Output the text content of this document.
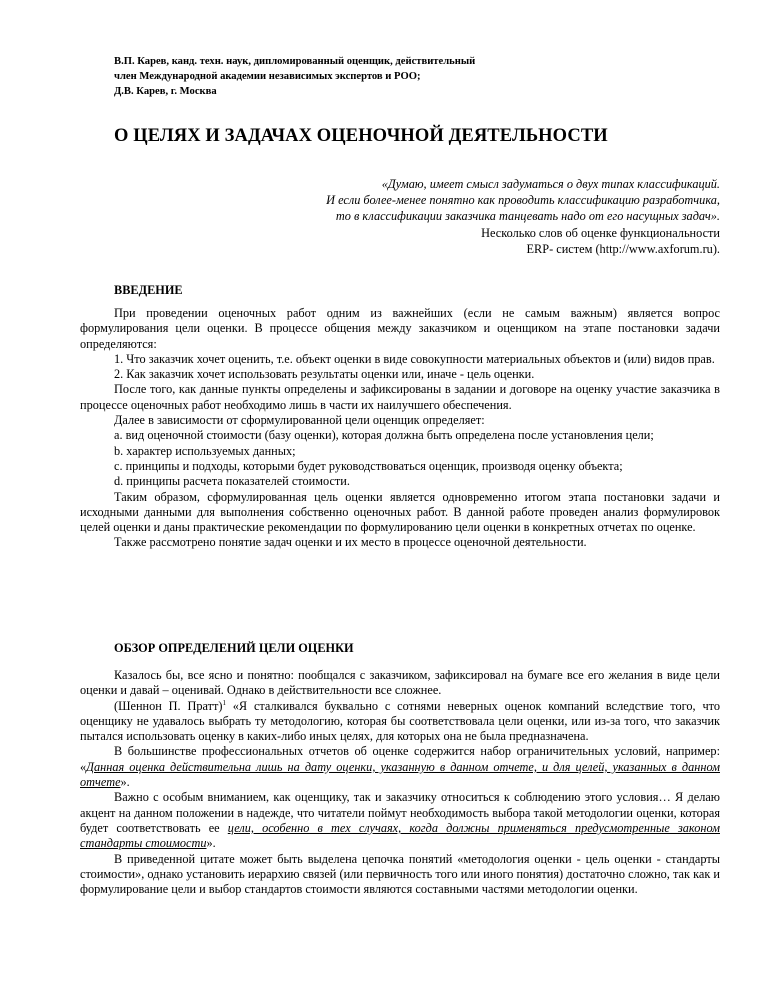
В.П. Карев, канд. техн. наук, дипломированный оценщик, действительный
член Международной академии независимых экспертов и РОО;
Д.В. Карев, г. Москва
О ЦЕЛЯХ И ЗАДАЧАХ ОЦЕНОЧНОЙ ДЕЯТЕЛЬНОСТИ
«Думаю, имеет смысл задуматься о двух типах классификаций.
И если более-менее понятно как проводить классификацию разработчика,
то в классификации заказчика танцевать надо от его насущных задач».
Несколько слов об оценке функциональности
ERP- систем (http://www.axforum.ru).
ВВЕДЕНИЕ

При проведении оценочных работ одним из важнейших (если не самым важным) является вопрос формулирования цели оценки. В процессе общения между заказчиком и оценщиком на этапе постановки задачи определяются:

1. Что заказчик хочет оценить, т.е. объект оценки в виде совокупности материальных объектов и (или) видов прав.

2. Как заказчик хочет использовать результаты оценки или, иначе - цель оценки.

После того, как данные пункты определены и зафиксированы в задании и договоре на оценку участие заказчика в процессе оценочных работ необходимо лишь в части их наилучшего обеспечения.

Далее в зависимости от сформулированной цели оценщик определяет:

a. вид оценочной стоимости (базу оценки), которая должна быть определена после установления цели;

b. характер используемых данных;

c. принципы и подходы, которыми будет руководствоваться оценщик, производя оценку объекта;

d. принципы расчета показателей стоимости.

Таким образом, сформулированная цель оценки является одновременно итогом этапа постановки задачи и исходными данными для выполнения собственно оценочных работ. В данной работе проведен анализ формулировок целей оценки и даны практические рекомендации по формулированию цели оценки в конкретных отчетах по оценке.

Также рассмотрено понятие задач оценки и их место в процессе оценочной деятельности.

ОБЗОР ОПРЕДЕЛЕНИЙ ЦЕЛИ ОЦЕНКИ

Казалось бы, все ясно и понятно: пообщался с заказчиком, зафиксировал на бумаге все его желания в виде цели оценки и давай – оценивай. Однако в действительности все сложнее.

(Шеннон П. Пратт)$^1$ «Я сталкивался буквально с сотнями неверных оценок компаний вследствие того, что оценщику не удавалось выбрать ту методологию, которая бы соответствовала цели оценки, или из-за того, что заказчик пытался использовать оценку в каких-либо иных целях, для которых она не была предназначена.

В большинстве профессиональных отчетов об оценке содержится набор ограничительных условий, например: «Данная оценка действительна лишь на дату оценки, указанную в данном отчете, и для целей, указанных в данном отчете».

Важно с особым вниманием, как оценщику, так и заказчику относиться к соблюдению этого условия… Я делаю акцент на данном положении в надежде, что читатели поймут необходимость выбора такой методологии оценки, которая будет соответствовать ее цели, особенно в тех случаях, когда должны применяться предусмотренные законом стандарты стоимости».

В приведенной цитате может быть выделена цепочка понятий «методология оценки - цель оценки - стандарты стоимости», однако установить иерархию связей (или первичность того или иного понятия) достаточно сложно, так как и формулирование цели и выбор стандартов стоимости являются составными частями методологии оценки.
